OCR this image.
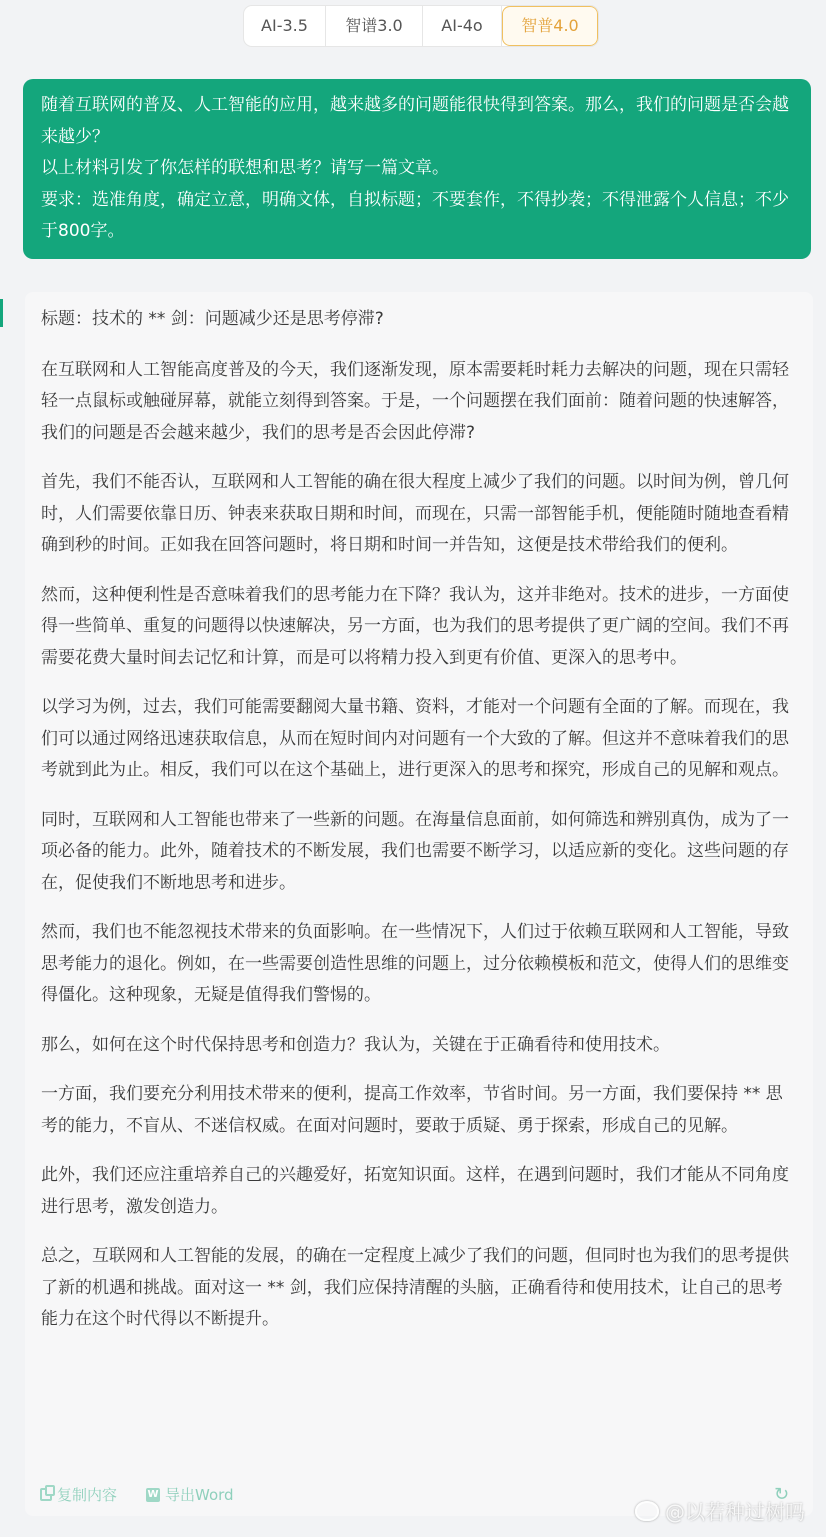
AI-3.5	智谱3.0	AI-4o	智普4.0

随着互联网的普及、人工智能的应用，越来越多的问题能很快得到答案。那么，我们的问题是否会越来越少？

以上材料引发了你怎样的联想和思考？请写一篇文章。

要求：选准角度，确定立意，明确文体，自拟标题；不要套作，不得抄袭；不得泄露个人信息；不少于800字。

标题：技术的 ** 剑：问题减少还是思考停滞?

在互联网和人工智能高度普及的今天，我们逐渐发现，原本需要耗时耗力去解决的问题，现在只需轻轻一点鼠标或触碰屏幕，就能立刻得到答案。于是，一个问题摆在我们面前：随着问题的快速解答，我们的问题是否会越来越少，我们的思考是否会因此停滞?

首先，我们不能否认，互联网和人工智能的确在很大程度上减少了我们的问题。以时间为例，曾几何时，人们需要依靠日历、钟表来获取日期和时间，而现在，只需一部智能手机，便能随时随地查看精确到秒的时间。正如我在回答问题时，将日期和时间一并告知，这便是技术带给我们的便利。

然而，这种便利性是否意味着我们的思考能力在下降？我认为，这并非绝对。技术的进步，一方面使得一些简单、重复的问题得以快速解决，另一方面，也为我们的思考提供了更广阔的空间。我们不再需要花费大量时间去记忆和计算，而是可以将精力投入到更有价值、更深入的思考中。

以学习为例，过去，我们可能需要翻阅大量书籍、资料，才能对一个问题有全面的了解。而现在，我们可以通过网络迅速获取信息，从而在短时间内对问题有一个大致的了解。但这并不意味着我们的思考就到此为止。相反，我们可以在这个基础上，进行更深入的思考和探究，形成自己的见解和观点。

同时，互联网和人工智能也带来了一些新的问题。在海量信息面前，如何筛选和辨别真伪，成为了一项必备的能力。此外，随着技术的不断发展，我们也需要不断学习，以适应新的变化。这些问题的存在，促使我们不断地思考和进步。

然而，我们也不能忽视技术带来的负面影响。在一些情况下，人们过于依赖互联网和人工智能，导致思考能力的退化。例如，在一些需要创造性思维的问题上，过分依赖模板和范文，使得人们的思维变得僵化。这种现象，无疑是值得我们警惕的。

那么，如何在这个时代保持思考和创造力？我认为，关键在于正确看待和使用技术。

一方面，我们要充分利用技术带来的便利，提高工作效率，节省时间。另一方面，我们要保持 ** 思考的能力，不盲从、不迷信权威。在面对问题时，要敢于质疑、勇于探索，形成自己的见解。

此外，我们还应注重培养自己的兴趣爱好，拓宽知识面。这样，在遇到问题时，我们才能从不同角度进行思考，激发创造力。

总之，互联网和人工智能的发展，的确在一定程度上减少了我们的问题，但同时也为我们的思考提供了新的机遇和挑战。面对这一 ** 剑，我们应保持清醒的头脑，正确看待和使用技术，让自己的思考能力在这个时代得以不断提升。

复制内容	W 导出Word	↻
@以若种过树吗
